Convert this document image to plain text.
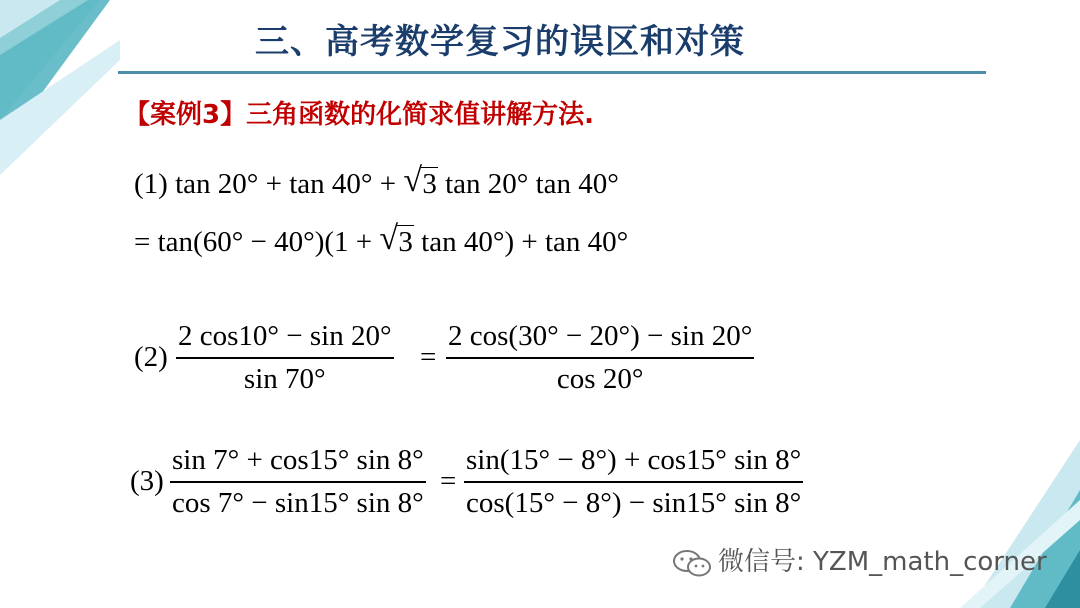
三、高考数学复习的误区和对策
【案例3】三角函数的化简求值讲解方法.
(1) tan 20° + tan 40° + √ 3 tan 20° tan 40°
= tan(60° − 40°)(1 + √ 3 tan 40°) + tan 40°
(2)
2 cos10° − sin 20°
sin 70°
=
2 cos(30° − 20°) − sin 20°
cos 20°
(3)
sin 7° + cos15° sin 8°
cos 7° − sin15° sin 8°
=
sin(15° − 8°) + cos15° sin 8°
cos(15° − 8°) − sin15° sin 8°
微信号: YZM_math_corner
